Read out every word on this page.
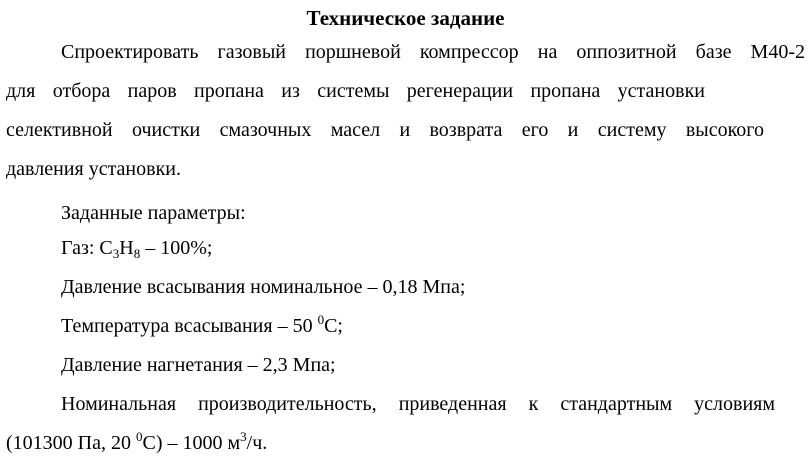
Техническое задание

Спроектировать газовый поршневой компрессор на оппозитной базе М40-2

для отбора паров пропана из системы регенерации пропана установки

селективной очистки смазочных масел и возврата его и систему высокого

давления установки.

Заданные параметры:

Газ: $C_3H_8 - 100\%$;

Давление всасывания номинальное – 0,18 Мпа;

Температура всасывания – 50 $^0$C;

Давление нагнетания – 2,3 Мпа;

Номинальная производительность, приведенная к стандартным условиям

(101300 Па, 20 $^0$C) – 1000 $м^3/ч$.
